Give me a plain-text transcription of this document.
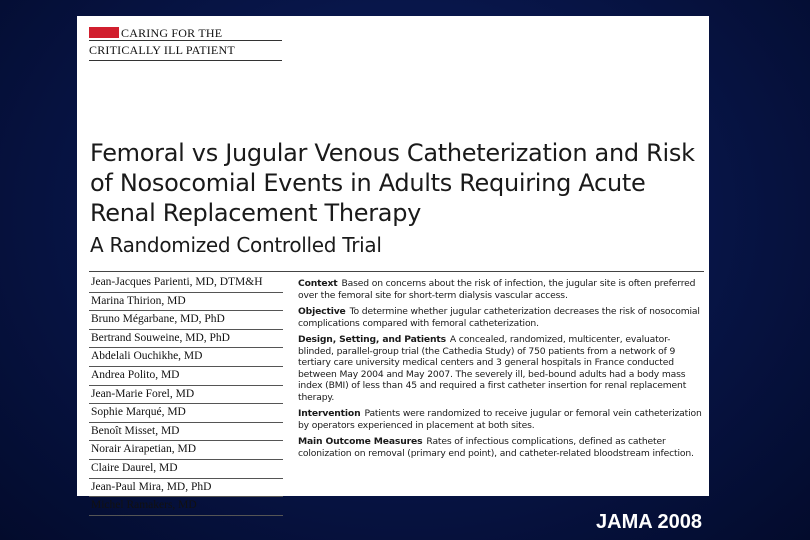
CARING FOR THE
CRITICALLY ILL PATIENT
Femoral vs Jugular Venous Catheterization and Risk of Nosocomial Events in Adults Requiring Acute Renal Replacement Therapy
A Randomized Controlled Trial
Jean-Jacques Parienti, MD, DTM&H
Marina Thirion, MD
Bruno Mégarbane, MD, PhD
Bertrand Souweine, MD, PhD
Abdelali Ouchikhe, MD
Andrea Polito, MD
Jean-Marie Forel, MD
Sophie Marqué, MD
Benoît Misset, MD
Norair Airapetian, MD
Claire Daurel, MD
Jean-Paul Mira, MD, PhD
Michel Ramakers, MD
Context Based on concerns about the risk of infection, the jugular site is often preferred over the femoral site for short-term dialysis vascular access.
Objective To determine whether jugular catheterization decreases the risk of nosocomial complications compared with femoral catheterization.
Design, Setting, and Patients A concealed, randomized, multicenter, evaluator-blinded, parallel-group trial (the Cathedia Study) of 750 patients from a network of 9 tertiary care university medical centers and 3 general hospitals in France conducted between May 2004 and May 2007. The severely ill, bed-bound adults had a body mass index (BMI) of less than 45 and required a first catheter insertion for renal replacement therapy.
Intervention Patients were randomized to receive jugular or femoral vein catheterization by operators experienced in placement at both sites.
Main Outcome Measures Rates of infectious complications, defined as catheter colonization on removal (primary end point), and catheter-related bloodstream infection.
JAMA 2008
